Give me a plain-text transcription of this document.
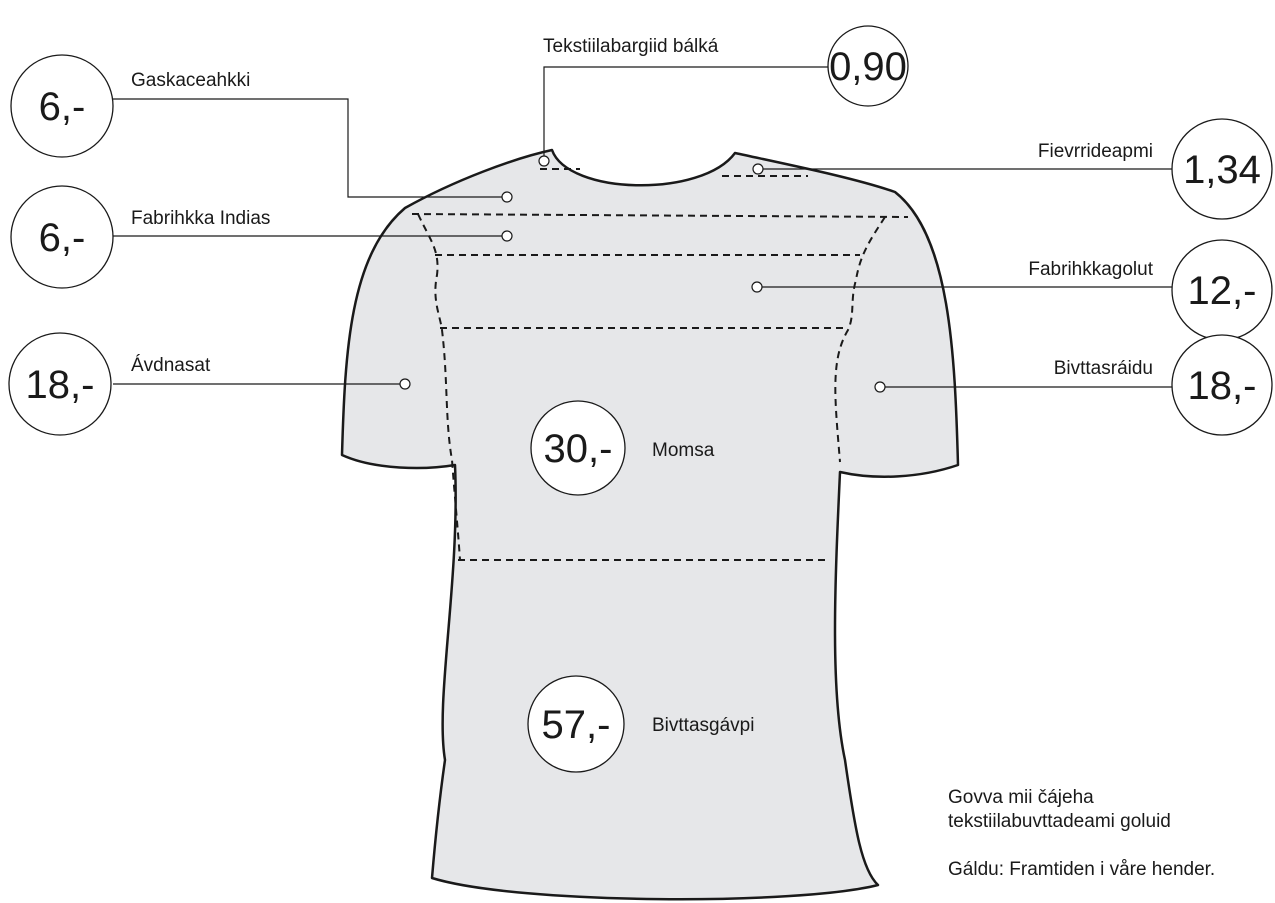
0,90
6,-
6,-
1,34
12,-
18,-	18,-
30,-
57,-
Tekstiilabargiid bálká
Gaskaceahkki
Fabrihkka Indias
Fievrrideapmi
Fabrihkkagolut
Ávdnasat	Bivttasráidu
Momsa
Bivttasgávpi
Govva mii čájeha
tekstiilabuvttadeami goluid
Gáldu: Framtiden i våre hender.
